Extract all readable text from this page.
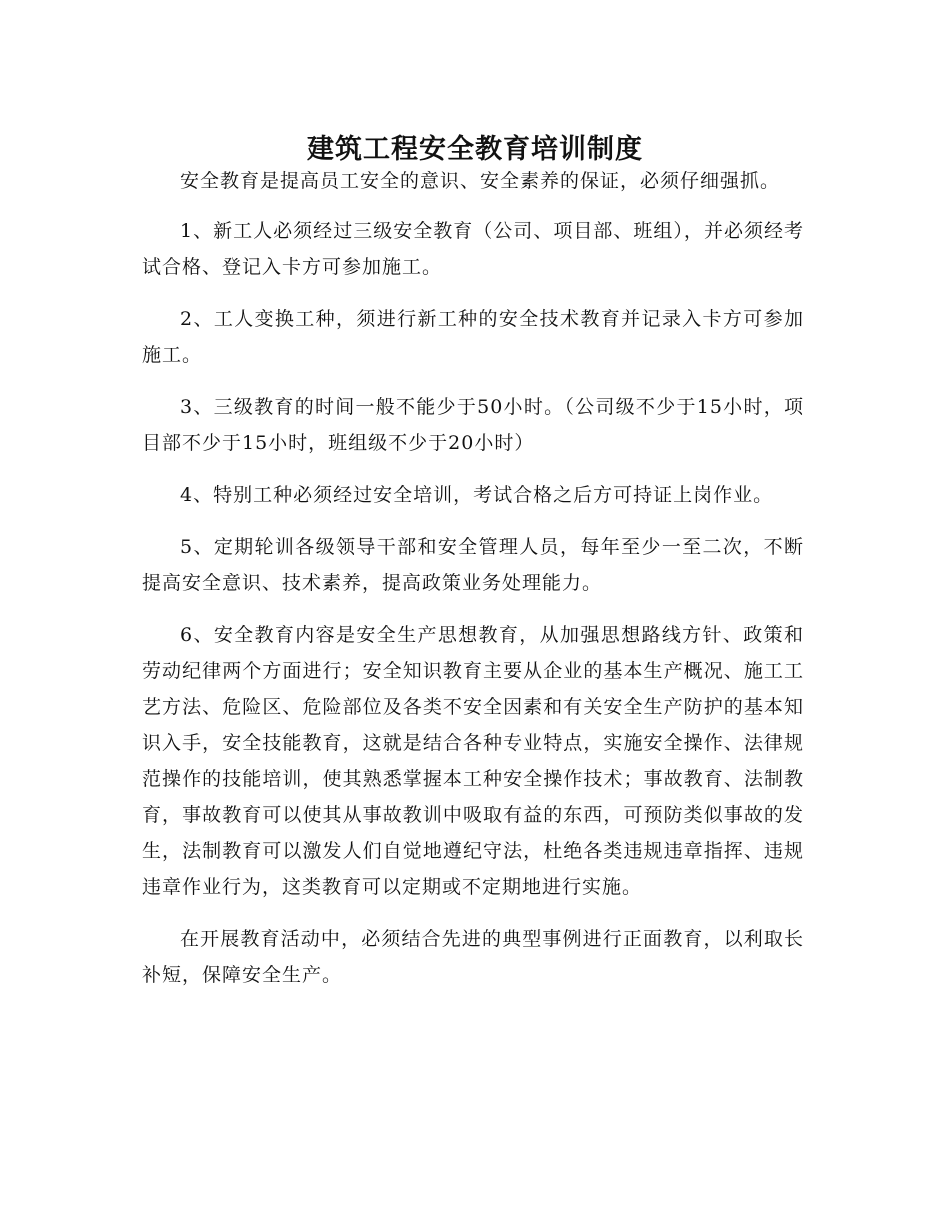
建筑工程安全教育培训制度

安全教育是提高员工安全的意识、安全素养的保证，必须仔细强抓。

1、新工人必须经过三级安全教育（公司、项目部、班组），并必须经考试合格、登记入卡方可参加施工。

2、工人变换工种，须进行新工种的安全技术教育并记录入卡方可参加施工。

3、三级教育的时间一般不能少于50小时。（公司级不少于15小时，项目部不少于15小时，班组级不少于20小时）

4、特别工种必须经过安全培训，考试合格之后方可持证上岗作业。

5、定期轮训各级领导干部和安全管理人员，每年至少一至二次，不断提高安全意识、技术素养，提高政策业务处理能力。

6、安全教育内容是安全生产思想教育，从加强思想路线方针、政策和劳动纪律两个方面进行；安全知识教育主要从企业的基本生产概况、施工工艺方法、危险区、危险部位及各类不安全因素和有关安全生产防护的基本知识入手，安全技能教育，这就是结合各种专业特点，实施安全操作、法律规范操作的技能培训，使其熟悉掌握本工种安全操作技术；事故教育、法制教育，事故教育可以使其从事故教训中吸取有益的东西，可预防类似事故的发生，法制教育可以激发人们自觉地遵纪守法，杜绝各类违规违章指挥、违规违章作业行为，这类教育可以定期或不定期地进行实施。

在开展教育活动中，必须结合先进的典型事例进行正面教育，以利取长补短，保障安全生产。
